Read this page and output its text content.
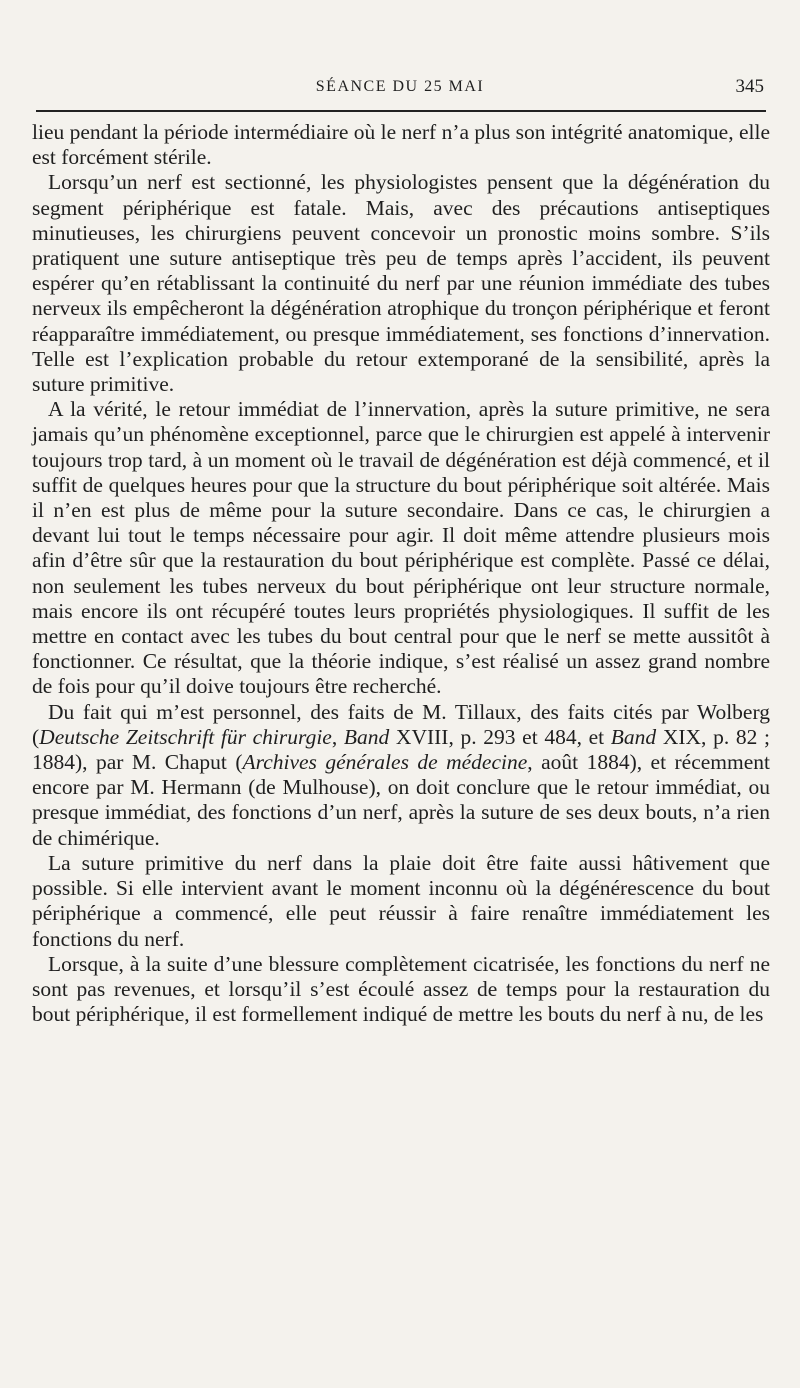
SÉANCE DU 25 MAI	345

lieu pendant la période intermédiaire où le nerf n’a plus son intégrité anatomique, elle est forcément stérile.

Lorsqu’un nerf est sectionné, les physiologistes pensent que la dégénération du segment périphérique est fatale. Mais, avec des précautions antiseptiques minutieuses, les chirurgiens peuvent concevoir un pronostic moins sombre. S’ils pratiquent une suture antiseptique très peu de temps après l’accident, ils peuvent espérer qu’en rétablissant la continuité du nerf par une réunion immédiate des tubes nerveux ils empêcheront la dégénération atrophique du tronçon périphérique et feront réapparaître immédiatement, ou presque immédiatement, ses fonctions d’innervation. Telle est l’explication probable du retour extemporané de la sensibilité, après la suture primitive.

A la vérité, le retour immédiat de l’innervation, après la suture primitive, ne sera jamais qu’un phénomène exceptionnel, parce que le chirurgien est appelé à intervenir toujours trop tard, à un moment où le travail de dégénération est déjà commencé, et il suffit de quelques heures pour que la structure du bout périphérique soit altérée. Mais il n’en est plus de même pour la suture secondaire. Dans ce cas, le chirurgien a devant lui tout le temps nécessaire pour agir. Il doit même attendre plusieurs mois afin d’être sûr que la restauration du bout périphérique est complète. Passé ce délai, non seulement les tubes nerveux du bout périphérique ont leur structure normale, mais encore ils ont récupéré toutes leurs propriétés physiologiques. Il suffit de les mettre en contact avec les tubes du bout central pour que le nerf se mette aussitôt à fonctionner. Ce résultat, que la théorie indique, s’est réalisé un assez grand nombre de fois pour qu’il doive toujours être recherché.

Du fait qui m’est personnel, des faits de M. Tillaux, des faits cités par Wolberg (Deutsche Zeitschrift für chirurgie, Band XVIII, p. 293 et 484, et Band XIX, p. 82 ; 1884), par M. Chaput (Archives générales de médecine, août 1884), et récemment encore par M. Hermann (de Mulhouse), on doit conclure que le retour immédiat, ou presque immédiat, des fonctions d’un nerf, après la suture de ses deux bouts, n’a rien de chimérique.

La suture primitive du nerf dans la plaie doit être faite aussi hâtivement que possible. Si elle intervient avant le moment inconnu où la dégénérescence du bout périphérique a commencé, elle peut réussir à faire renaître immédiatement les fonctions du nerf.

Lorsque, à la suite d’une blessure complètement cicatrisée, les fonctions du nerf ne sont pas revenues, et lorsqu’il s’est écoulé assez de temps pour la restauration du bout périphérique, il est formellement indiqué de mettre les bouts du nerf à nu, de les
